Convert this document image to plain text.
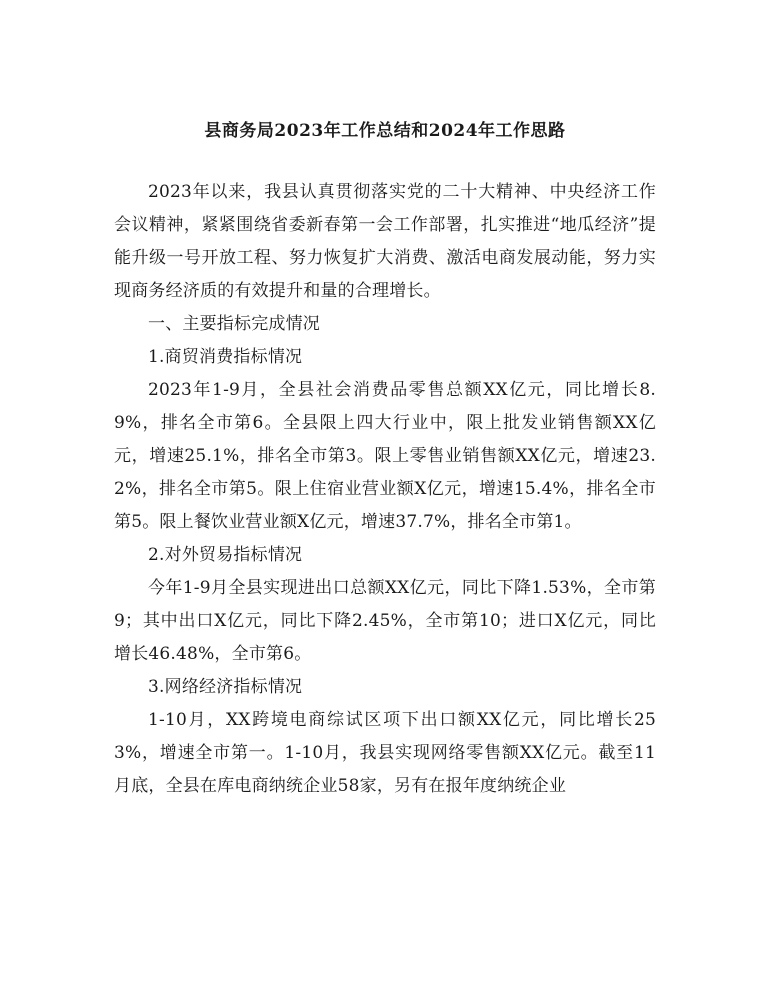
县商务局2023年工作总结和2024年工作思路

2023年以来，我县认真贯彻落实党的二十大精神、中央经济工作会议精神，紧紧围绕省委新春第一会工作部署，扎实推进“地瓜经济”提能升级一号开放工程、努力恢复扩大消费、激活电商发展动能，努力实现商务经济质的有效提升和量的合理增长。

一、主要指标完成情况

1.商贸消费指标情况

2023年1-9月，全县社会消费品零售总额XX亿元，同比增长8.9%，排名全市第6。全县限上四大行业中，限上批发业销售额XX亿元，增速25.1%，排名全市第3。限上零售业销售额XX亿元，增速23.2%，排名全市第5。限上住宿业营业额X亿元，增速15.4%，排名全市第5。限上餐饮业营业额X亿元，增速37.7%，排名全市第1。

2.对外贸易指标情况

今年1-9月全县实现进出口总额XX亿元，同比下降1.53%，全市第9；其中出口X亿元，同比下降2.45%，全市第10；进口X亿元，同比增长46.48%，全市第6。

3.网络经济指标情况

1-10月，XX跨境电商综试区项下出口额XX亿元，同比增长253%，增速全市第一。1-10月，我县实现网络零售额XX亿元。截至11月底，全县在库电商纳统企业58家，另有在报年度纳统企业
